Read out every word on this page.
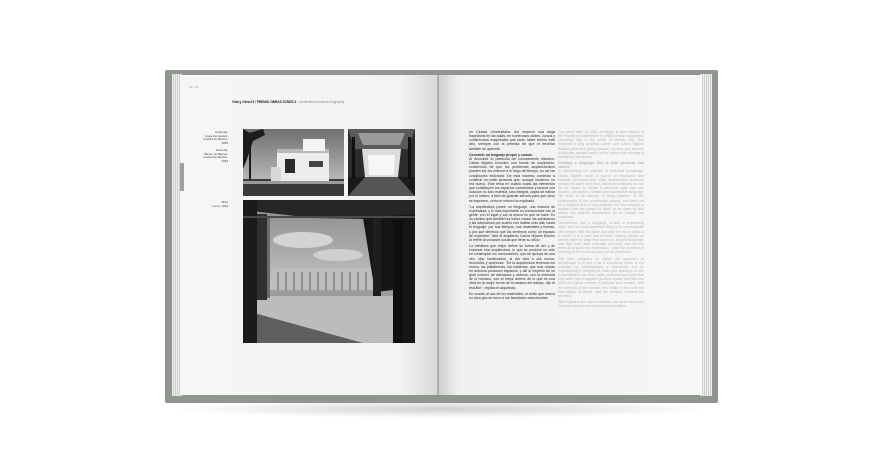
20 / 21
Vida y Obra 03 / PREMIO OBRAS ZONES 3 · Architectural mexican biography
Izquierda,
Casa Fernández,
Ciudad de México,
1955
Derecha,
Banco de Bienes,
Ciudad de México,
1963
Villas
Loma, 1964

en Ciudad Universitaria. Así empezó una larga trayectoria en las aulas; en numerosas clases, cursos y conferencias magistrales que pudo haber tenido este año, siempre con la premisa de que el enseñar también se aprende.

Construir un lenguaje propio y común

Al descubrir el potencial del conocimiento histórico, Carlos Mijares encontró una fuente de inspiración, convencido de que los problemas arquitectónicos pueden ser los mismos a lo largo del tiempo, no así las condiciones históricas. De esta manera, comenzó a construir un estilo personal que, aunque moderno, no era nuevo. Este tema en cuanto todas las elementos que constituyen los espacios construidos y buscar una solución no sólo estética, sino integral, capaz de hablar por sí mismo, a bien de guardar silencio para que otros se expresen, como el mismo ha explicado.

"La arquitectura posee un lenguaje, una manera de expresarse, y lo más importante es comunicarse con la gente, con el lugar y con la época en que se hace. Es un camino que también es hacer cosas; las admiramos y las admiramos por cuanto nos hablan más allá; hasta el lenguaje, por sus tiempos, sus materiales y formas, y por qué decimos que los sentimos como un espacio de expresión" dice el arquitecto Carlos Mijares Bracho al referir la vocación social que tiene su oficio.

La metáfora que mejor define su forma de ser y de expresar una arquitectura, lo que se produce no sólo en contemplar los monumentos, que se aprecia de una vez, sino haciéndolos, al dar vida a sus muros, recorridos y aperturas. "En la arquitectura tenemos los muros, las plataformas, los cubiertas, que solo unidas en armonía producen espacios, y allí el empeño de un gran número de artesanos y obreros, con la memoria de lo humano, con el mejor anhelo de lo que es una obra en la mejor forma de la estatua del trabajo, dijo el escultor", explica el arquitecto.

En cuanto al uso de los materiales, el estilo que marca su obra gira en torno a las facultades estructurales

Two years later, in 1956, he began to give classes at the Faculty of Architecture in UNAM newly inaugurated University City in the south of Mexico City. This launched a long teaching career, and Carlos Mijares Bracho continues giving classes, courses and lectures to this day, always based on the notion that teaching is something one learns.

Creating a language that is both personal and shared

In discovering the potential of historical knowledge, Carlos Mijares found a source of inspiration and became convinced that while architectural problems remain the same over time, historical conditions do not. So he began to create a personal style that was modern, yet spoke a simple clear accessible language. His work is an attempt to bring together all the components of the constructed spaces, and seek not for a solution that is only aesthetic but also integral, a solution that can speak for itself, or be silent so that others can express themselves, as he himself has explained.

"Architecture has a language, a way of expressing itself, and the most important thing is to communicate with people, with the place and with the era in which it is made. It is a path that involves making things; we admire them for what they say to us, beyond language, with their time, their materials and form, and we feel them as a space for expression," says the architect in referring to the social vocation of his profession.

The best metaphor to define his approach to architecture is to see it as a symphony which is not revealed by contemplating a monument, but by experiencing it, bringing its walls and openings to life. In architecture we have walls, platforms and roofs that only when joined together produce space, and then the effort of a great number of artisans and workers, with the memory of the human, who make of the work the best statue of labour, said the sculptor, explains the architect.

With regard to the use of materials, the style that marks his work revolves around structural faculties
